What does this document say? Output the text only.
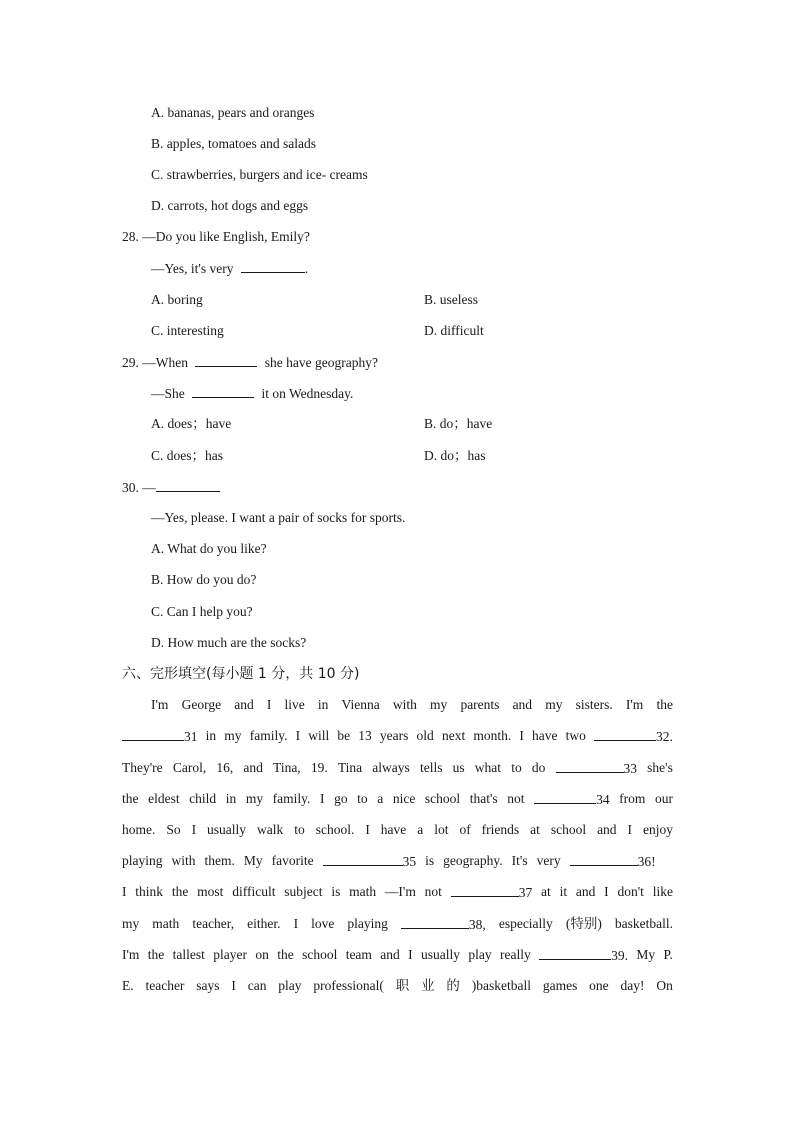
A. bananas, pears and oranges
B. apples, tomatoes and salads
C. strawberries, burgers and ice- creams
D. carrots, hot dogs and eggs
28. —Do you like English, Emily?
—Yes, it's very	.
A. boring	B. useless
C. interesting	D. difficult
29. —When	she have geography?
—She	it on Wednesday.
A. does；have	B. do；have
C. does；has	D. do；has
30. —
—Yes, please. I want a pair of socks for sports.
A. What do you like?
B. How do you do?
C. Can I help you?
D. How much are the socks?
六、完形填空(每小题 1 分，共 10 分)
I'm George and I live in Vienna with my parents and my sisters. I'm the
31 in my family. I will be 13 years old next month. I have two	32.
They're Carol, 16, and Tina, 19. Tina always tells us what to do	33 she's
the eldest child in my family. I go to a nice school that's not	34 from our
home. So I usually walk to school. I have a lot of friends at school and I enjoy
playing with them. My favorite	35 is geography. It's very	36!
I think the most difficult subject is math —I'm not	37 at it and I don't like
my math teacher, either. I love playing	38, especially (特别) basketball.
I'm the tallest player on the school team and I usually play really	39. My P.
E. teacher says I can play professional( 职 业 的 )basketball games one day! On
